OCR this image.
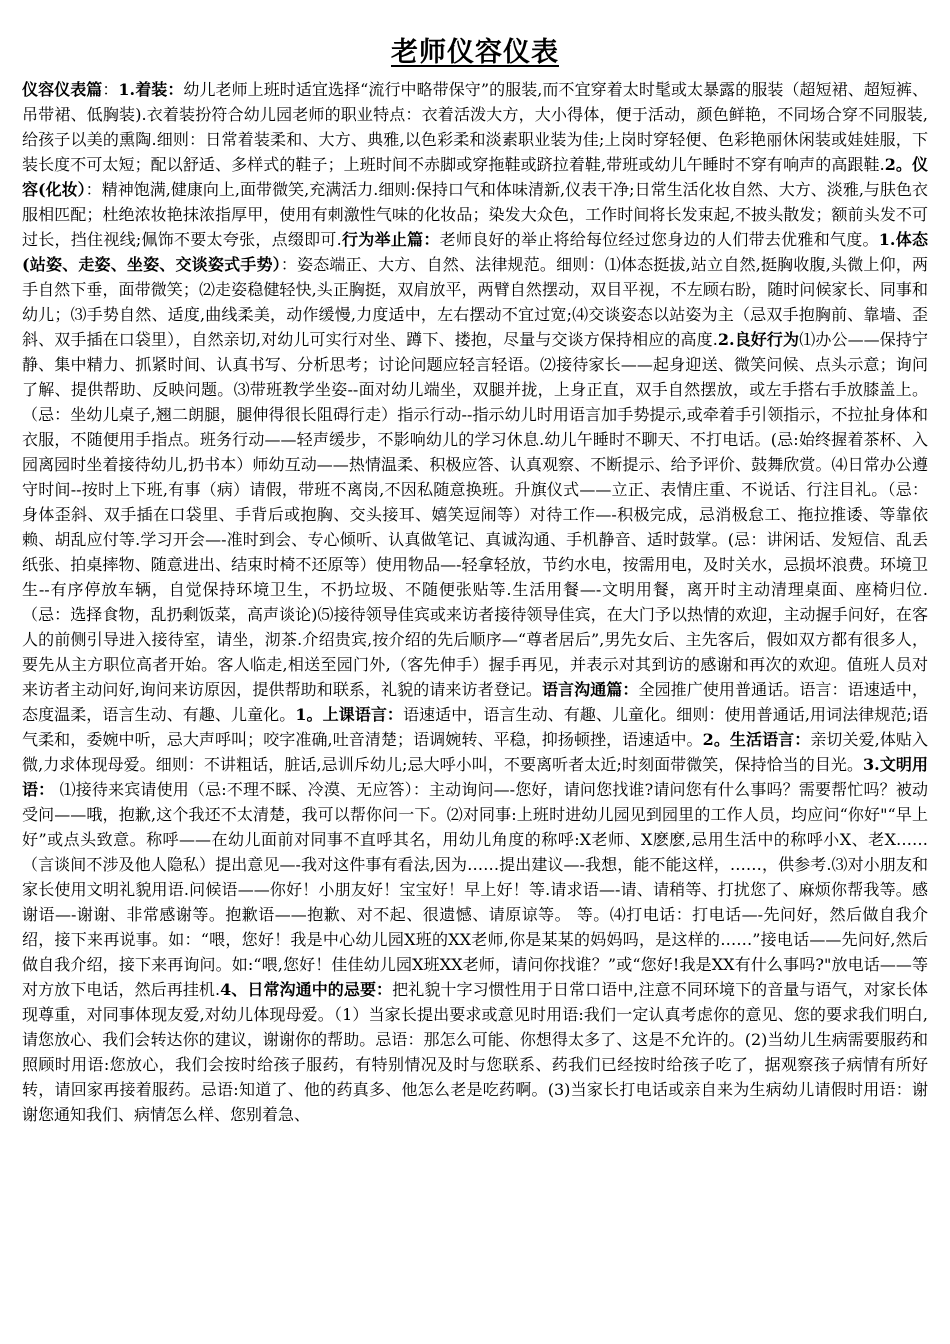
老师仪容仪表

仪容仪表篇：1.着装：幼儿老师上班时适宜选择“流行中略带保守”的服装,而不宜穿着太时髦或太暴露的服装（超短裙、超短裤、吊带裙、低胸装).衣着装扮符合幼儿园老师的职业特点：衣着活泼大方，大小得体，便于活动，颜色鲜艳，不同场合穿不同服装,给孩子以美的熏陶.细则：日常着装柔和、大方、典雅,以色彩柔和淡素职业装为佳;上岗时穿轻便、色彩艳丽休闲装或娃娃服，下装长度不可太短；配以舒适、多样式的鞋子；上班时间不赤脚或穿拖鞋或跻拉着鞋,带班或幼儿午睡时不穿有响声的高跟鞋.2。仪容(化妆）：精神饱满,健康向上,面带微笑,充满活力.细则:保持口气和体味清新,仪表干净;日常生活化妆自然、大方、淡雅,与肤色衣服相匹配；杜绝浓妆艳抹浓指厚甲，使用有刺激性气味的化妆品；染发大众色，工作时间将长发束起,不披头散发；额前头发不可过长，挡住视线;佩饰不要太夸张，点缀即可.行为举止篇：老师良好的举止将给每位经过您身边的人们带去优雅和气度。1.体态(站姿、走姿、坐姿、交谈姿式手势）：姿态端正、大方、自然、法律规范。细则：⑴体态挺拔,站立自然,挺胸收腹,头微上仰，两手自然下垂，面带微笑；⑵走姿稳健轻快,头正胸挺，双肩放平，两臂自然摆动，双目平视，不左顾右盼，随时问候家长、同事和幼儿；⑶手势自然、适度,曲线柔美，动作缓慢,力度适中，左右摆动不宜过宽;⑷交谈姿态以站姿为主（忌双手抱胸前、靠墙、歪斜、双手插在口袋里），自然亲切,对幼儿可实行对坐、蹲下、搂抱，尽量与交谈方保持相应的高度.2.良好行为⑴办公——保持宁静、集中精力、抓紧时间、认真书写、分析思考；讨论问题应轻言轻语。⑵接待家长——起身迎送、微笑问候、点头示意；询问了解、提供帮助、反映问题。⑶带班教学坐姿--面对幼儿端坐，双腿并拢，上身正直，双手自然摆放，或左手搭右手放膝盖上。（忌：坐幼儿桌子,翘二朗腿，腿伸得很长阻碍行走）指示行动--指示幼儿时用语言加手势提示,或牵着手引领指示，不拉扯身体和衣服，不随便用手指点。班务行动——轻声缓步，不影响幼儿的学习休息.幼儿午睡时不聊天、不打电话。(忌:始终握着茶杯、入园离园时坐着接待幼儿,扔书本）师幼互动——热情温柔、积极应答、认真观察、不断提示、给予评价、鼓舞欣赏。⑷日常办公遵守时间--按时上下班,有事（病）请假，带班不离岗,不因私随意换班。升旗仪式——立正、表情庄重、不说话、行注目礼。（忌：身体歪斜、双手插在口袋里、手背后或抱胸、交头接耳、嬉笑逗闹等）对待工作—-积极完成，忌消极怠工、拖拉推诿、等靠依赖、胡乱应付等.学习开会—-准时到会、专心倾听、认真做笔记、真诚沟通、手机静音、适时鼓掌。(忌：讲闲话、发短信、乱丢纸张、拍桌摔物、随意进出、结束时椅不还原等）使用物品—-轻拿轻放，节约水电，按需用电，及时关水，忌损坏浪费。环境卫生--有序停放车辆，自觉保持环境卫生，不扔垃圾、不随便张贴等.生活用餐—-文明用餐，离开时主动清理桌面、座椅归位.（忌：选择食物，乱扔剩饭菜，高声谈论)⑸接待领导佳宾或来访者接待领导佳宾，在大门予以热情的欢迎，主动握手问好，在客人的前侧引导进入接待室，请坐，沏茶.介绍贵宾,按介绍的先后顺序—“尊者居后”,男先女后、主先客后，假如双方都有很多人，要先从主方职位高者开始。客人临走,相送至园门外,（客先伸手）握手再见，并表示对其到访的感谢和再次的欢迎。值班人员对来访者主动问好,询问来访原因，提供帮助和联系，礼貌的请来访者登记。语言沟通篇：全园推广使用普通话。语言：语速适中，态度温柔，语言生动、有趣、儿童化。1。上课语言：语速适中，语言生动、有趣、儿童化。细则：使用普通话,用词法律规范;语气柔和，委婉中听，忌大声呼叫；咬字准确,吐音清楚；语调婉转、平稳，抑扬顿挫，语速适中。2。生活语言：亲切关爱,体贴入微,力求体现母爱。细则：不讲粗话，脏话,忌训斥幼儿;忌大呼小叫，不要离听者太近;时刻面带微笑，保持恰当的目光。3.文明用语： ⑴接待来宾请使用（忌:不理不睬、冷漠、无应答）：主动询问—-您好，请问您找谁?请问您有什么事吗？需要帮忙吗？被动受问——哦，抱歉,这个我还不太清楚，我可以帮你问一下。⑵对同事:上班时进幼儿园见到园里的工作人员，均应问“你好"“早上好”或点头致意。称呼——在幼儿面前对同事不直呼其名，用幼儿角度的称呼:X老师、X麽麽,忌用生活中的称呼小X、老X……（言谈间不涉及他人隐私）提出意见—-我对这件事有看法,因为……提出建议—-我想，能不能这样，……，供参考.⑶对小朋友和家长使用文明礼貌用语.问候语——你好！小朋友好！宝宝好！早上好！等.请求语—-请、请稍等、打扰您了、麻烦你帮我等。感谢语—-谢谢、非常感谢等。抱歉语——抱歉、对不起、很遗憾、请原谅等。 等。⑷打电话：打电话—-先问好，然后做自我介绍，接下来再说事。如：“喂，您好！我是中心幼儿园X班的XX老师,你是某某的妈妈吗，是这样的……”接电话——先问好,然后做自我介绍，接下来再询问。如:“喂,您好！佳佳幼儿园X班XX老师，请问你找谁？”或“您好!我是XX有什么事吗?"放电话——等对方放下电话，然后再挂机.4、日常沟通中的忌要：把礼貌十字习惯性用于日常口语中,注意不同环境下的音量与语气，对家长体现尊重，对同事体现友爱,对幼儿体现母爱。（1）当家长提出要求或意见时用语:我们一定认真考虑你的意见、您的要求我们明白,请您放心、我们会转达你的建议，谢谢你的帮助。忌语：那怎么可能、你想得太多了、这是不允许的。(2)当幼儿生病需要服药和照顾时用语:您放心，我们会按时给孩子服药，有特别情况及时与您联系、药我们已经按时给孩子吃了，据观察孩子病情有所好转，请回家再接着服药。忌语:知道了、他的药真多、他怎么老是吃药啊。(3)当家长打电话或亲自来为生病幼儿请假时用语：谢谢您通知我们、病情怎么样、您别着急、
